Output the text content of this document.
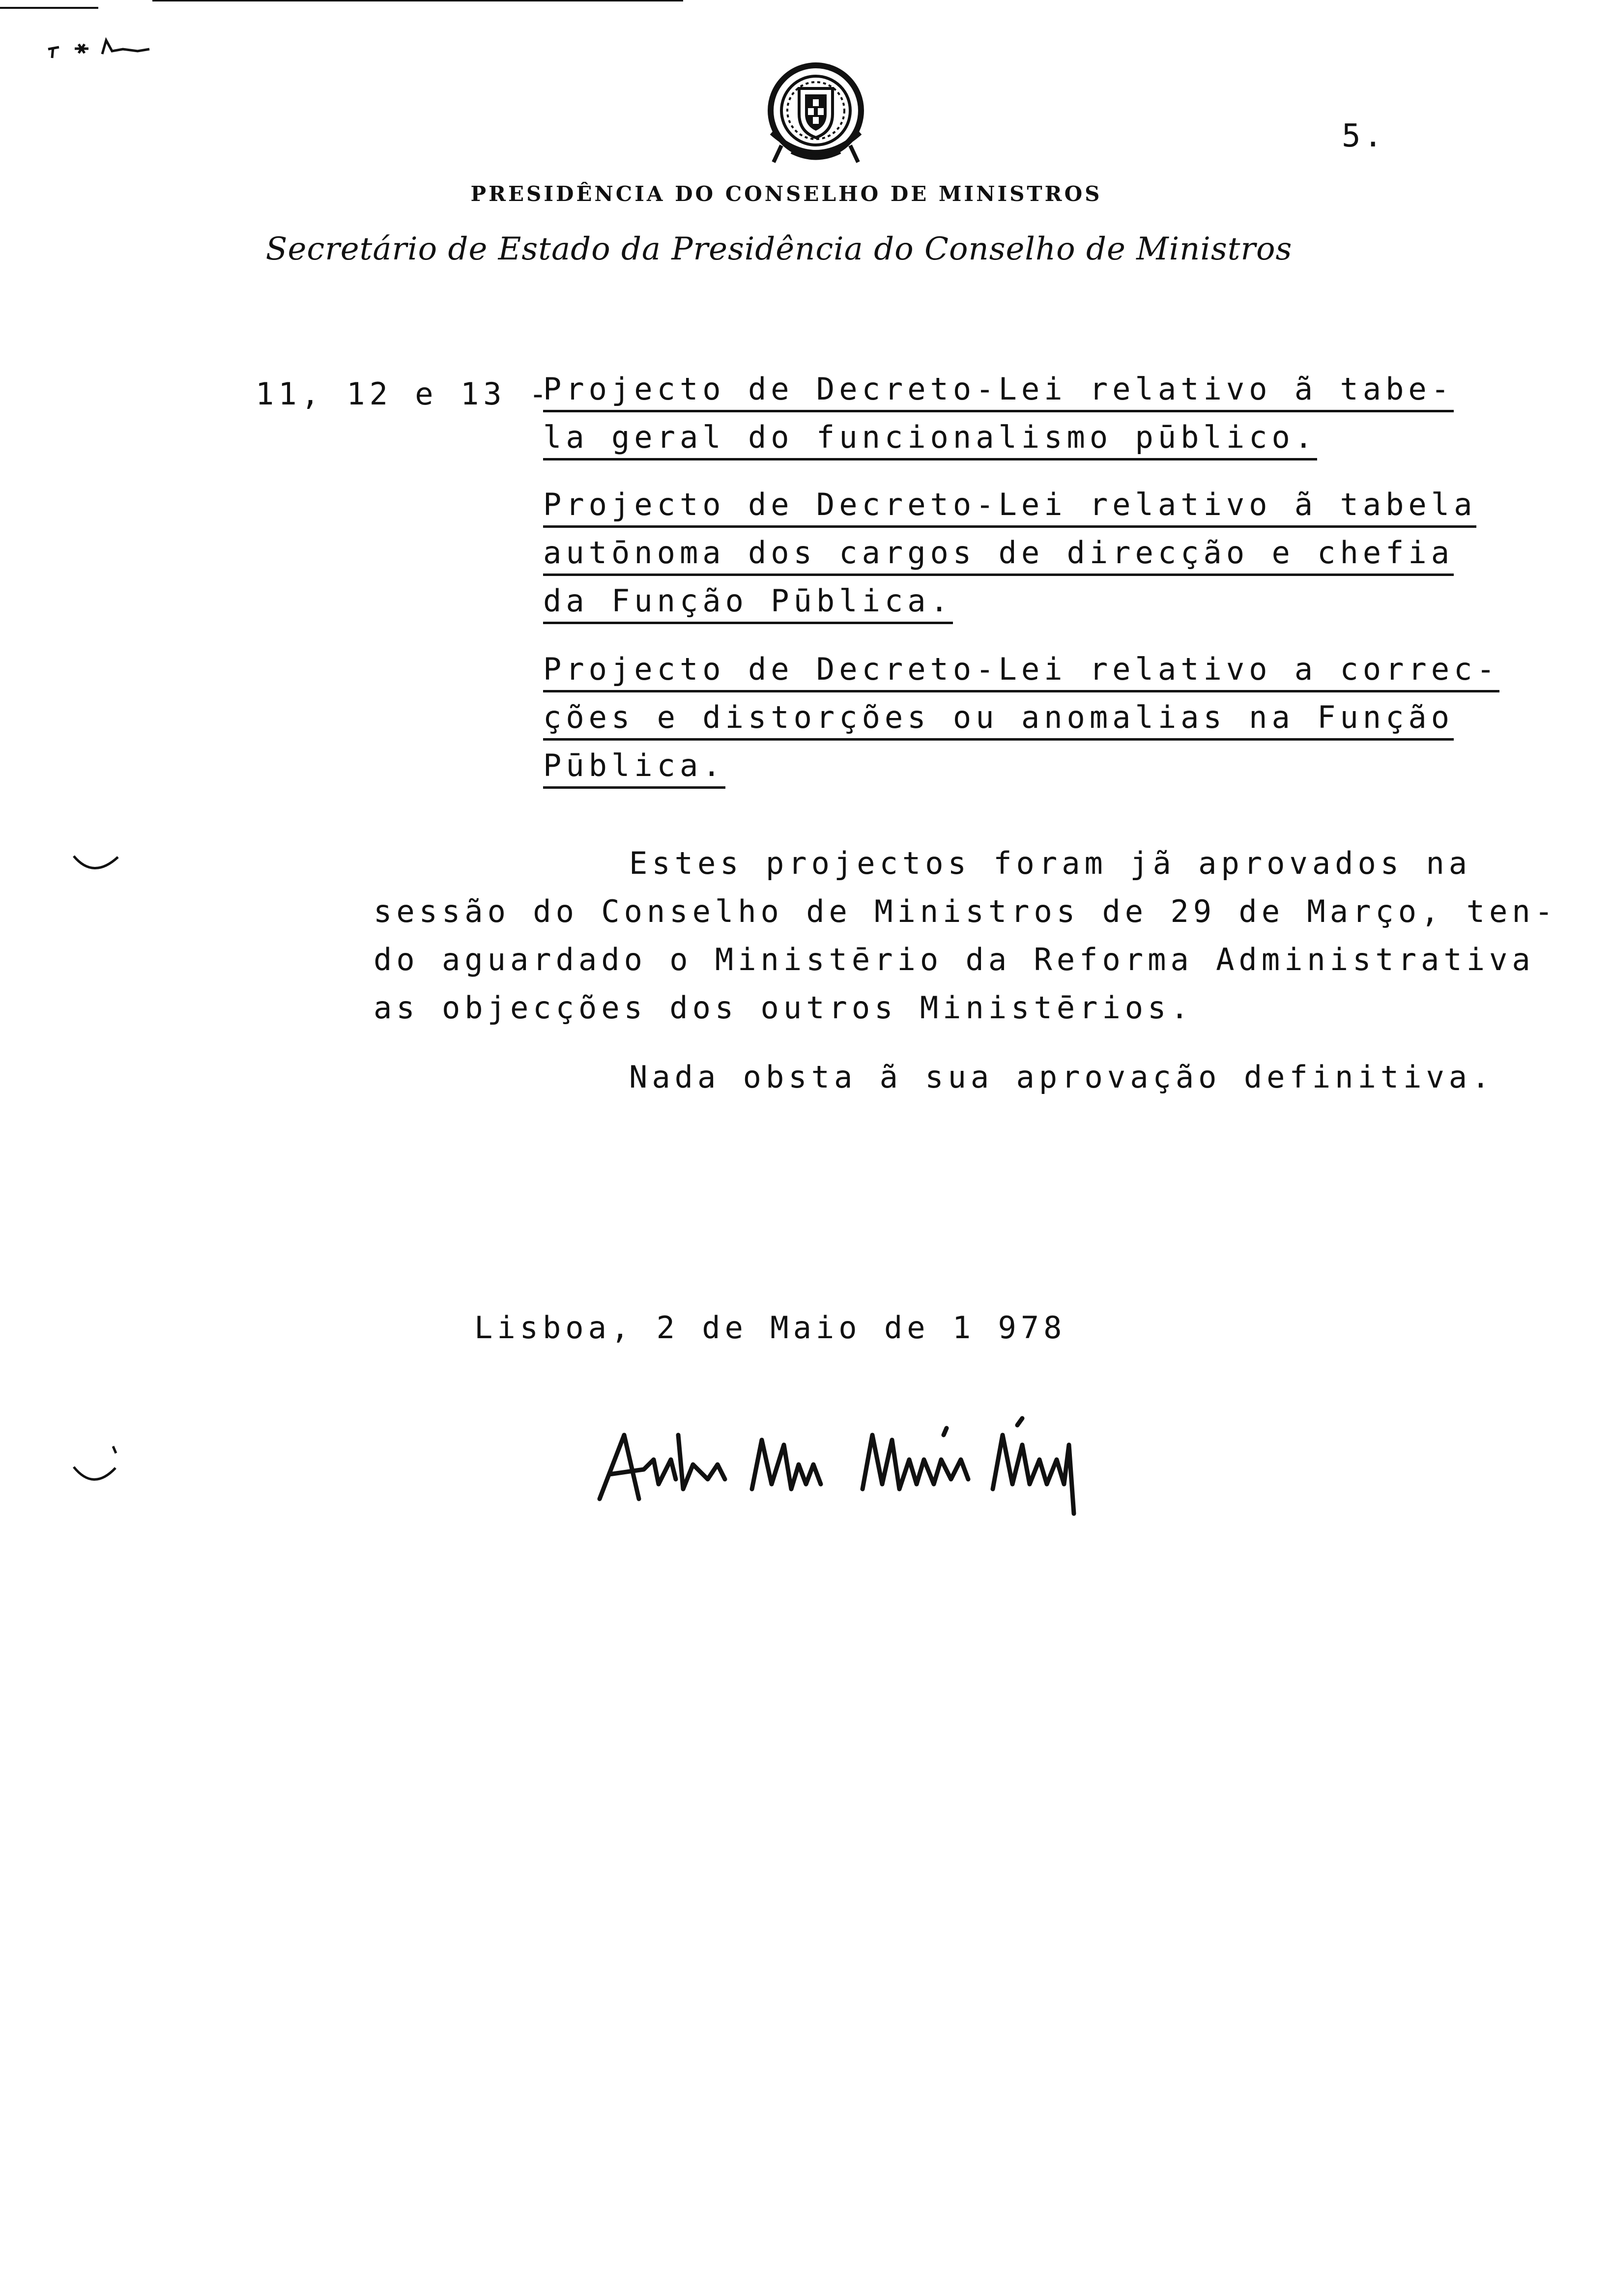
5.
PRESIDÊNCIA DO CONSELHO DE MINISTROS
Secretário de Estado da Presidência do Conselho de Ministros
11, 12 e 13 -
Projecto de Decreto-Lei relativo ã tabe-
la geral do funcionalismo pūblico.
Projecto de Decreto-Lei relativo ã tabela
autōnoma dos cargos de direcção e chefia
da Função Pūblica.
Projecto de Decreto-Lei relativo a correc-
ções e distorções ou anomalias na Função
Pūblica.
Estes projectos foram jã aprovados na
sessão do Conselho de Ministros de 29 de Março, ten-
do aguardado o Ministērio da Reforma Administrativa
as objecções dos outros Ministērios.
Nada obsta ã sua aprovação definitiva.
Lisboa, 2 de Maio de 1 978
